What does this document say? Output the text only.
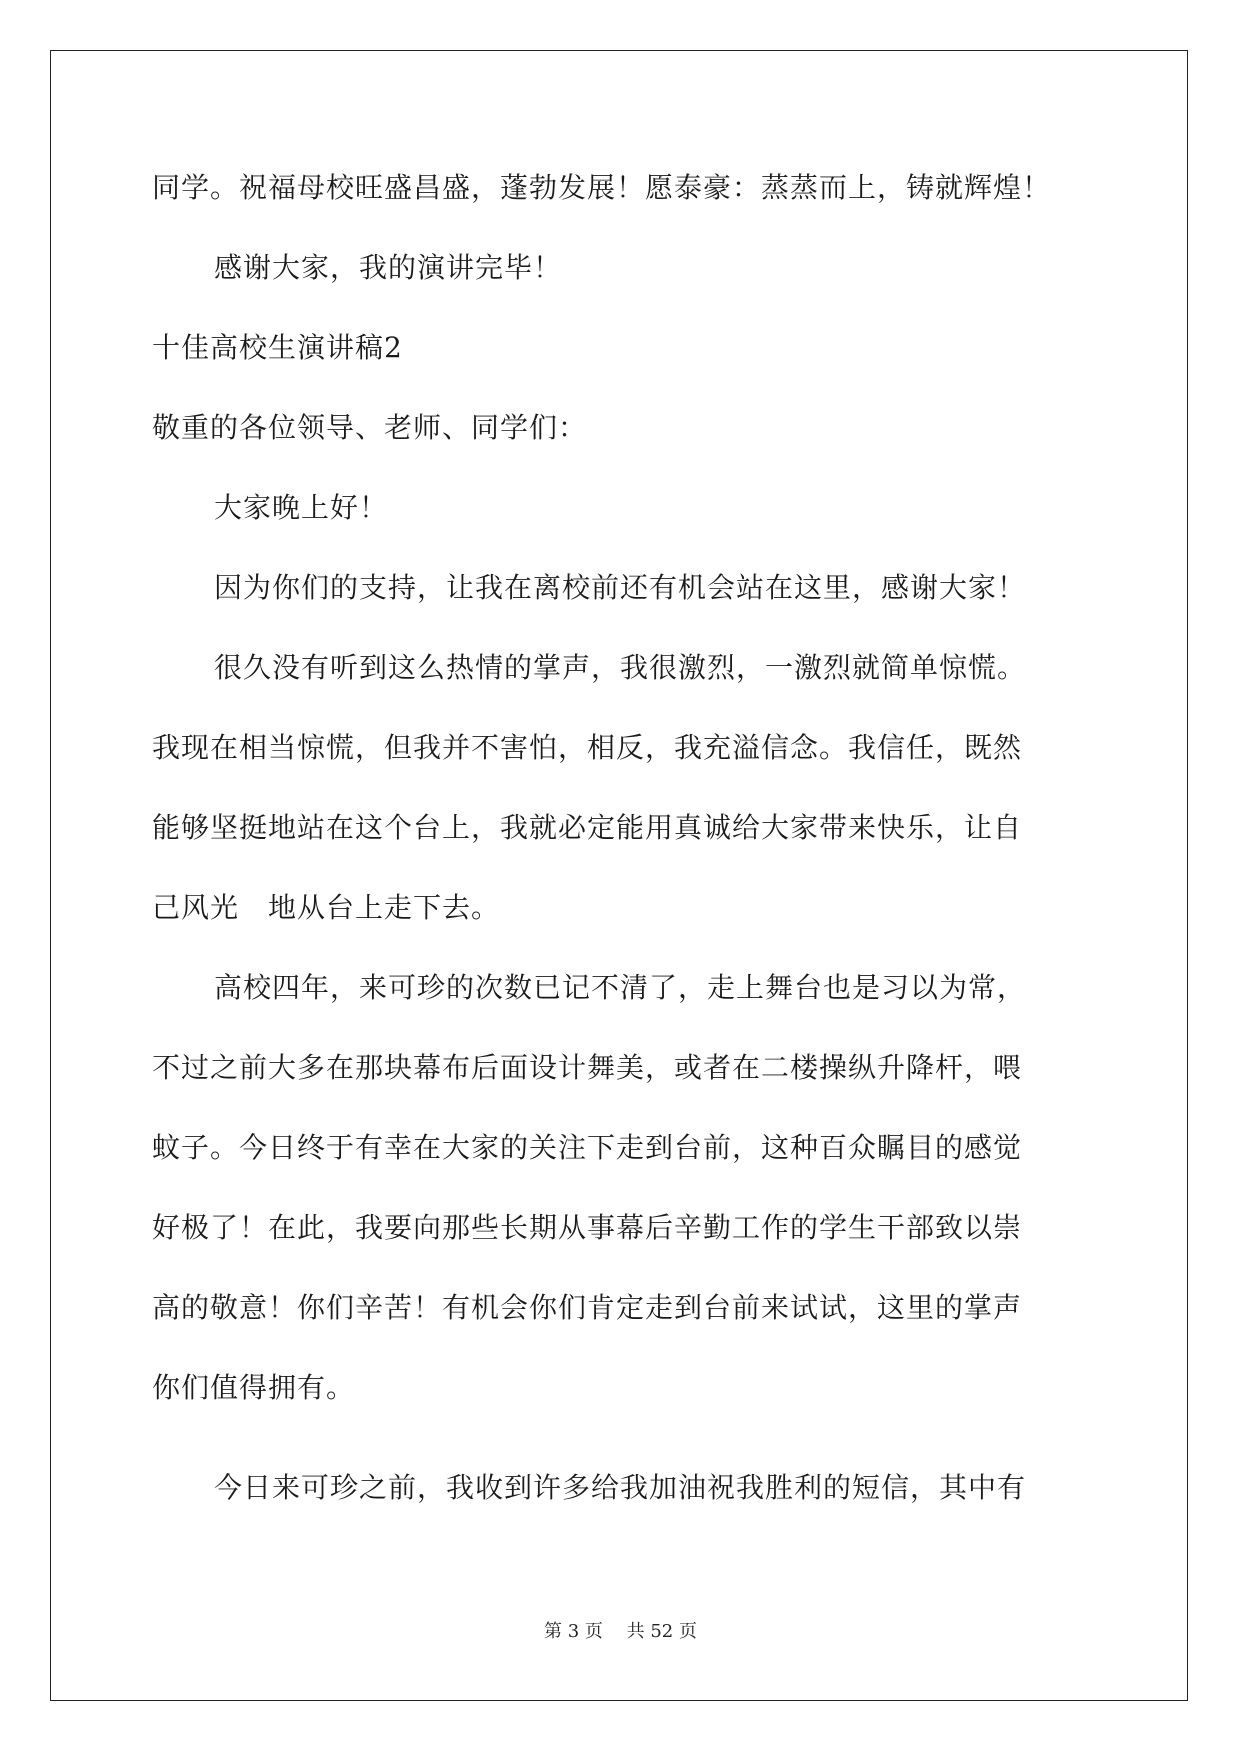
同学。祝福母校旺盛昌盛，蓬勃发展！愿泰豪：蒸蒸而上，铸就辉煌！
感谢大家，我的演讲完毕！
十佳高校生演讲稿2
敬重的各位领导、老师、同学们：
大家晚上好！
因为你们的支持，让我在离校前还有机会站在这里，感谢大家！
很久没有听到这么热情的掌声，我很激烈，一激烈就简单惊慌。
我现在相当惊慌，但我并不害怕，相反，我充溢信念。我信任，既然
能够坚挺地站在这个台上，我就必定能用真诚给大家带来快乐，让自
己风光　地从台上走下去。
高校四年，来可珍的次数已记不清了，走上舞台也是习以为常，
不过之前大多在那块幕布后面设计舞美，或者在二楼操纵升降杆，喂
蚊子。今日终于有幸在大家的关注下走到台前，这种百众瞩目的感觉
好极了！在此，我要向那些长期从事幕后辛勤工作的学生干部致以崇
高的敬意！你们辛苦！有机会你们肯定走到台前来试试，这里的掌声
你们值得拥有。
今日来可珍之前，我收到许多给我加油祝我胜利的短信，其中有
第 3 页　 共 52 页
